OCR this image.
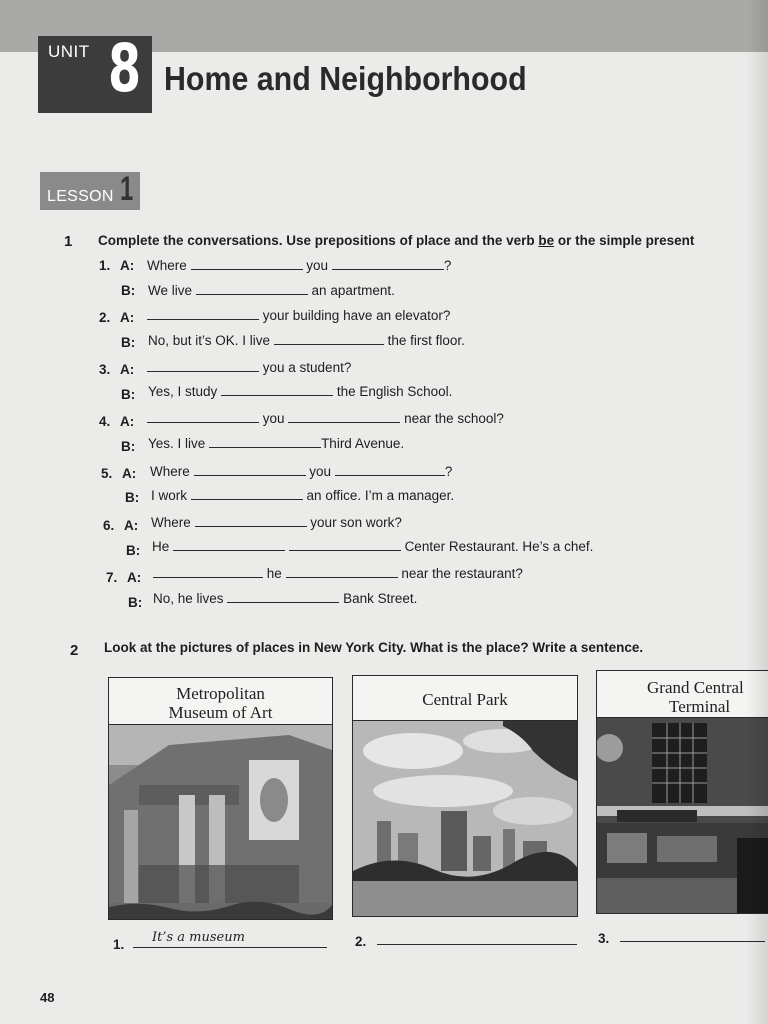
UNIT 8 Home and Neighborhood
LESSON 1
1 Complete the conversations. Use prepositions of place and the verb be or the simple present
1. A: Where	you	?
B: We live	an apartment.
2. A:	your building have an elevator?
B: No, but it’s OK. I live	the first floor.
3. A:	you a student?
B: Yes, I study	the English School.
4. A:	you	near the school?
B: Yes. I live	Third Avenue.
5. A: Where	you	?
B: I work	an office. I’m a manager.
6. A: Where	your son work?
B: He	Center Restaurant. He’s a chef.
7. A:	he	near the restaurant?
B: No, he lives	Bank Street.
2 Look at the pictures of places in New York City. What is the place? Write a sentence.
Metropolitan
Museum of Art
Central Park
Grand Central
Terminal
1. It’s a museum	2.	3.
48
